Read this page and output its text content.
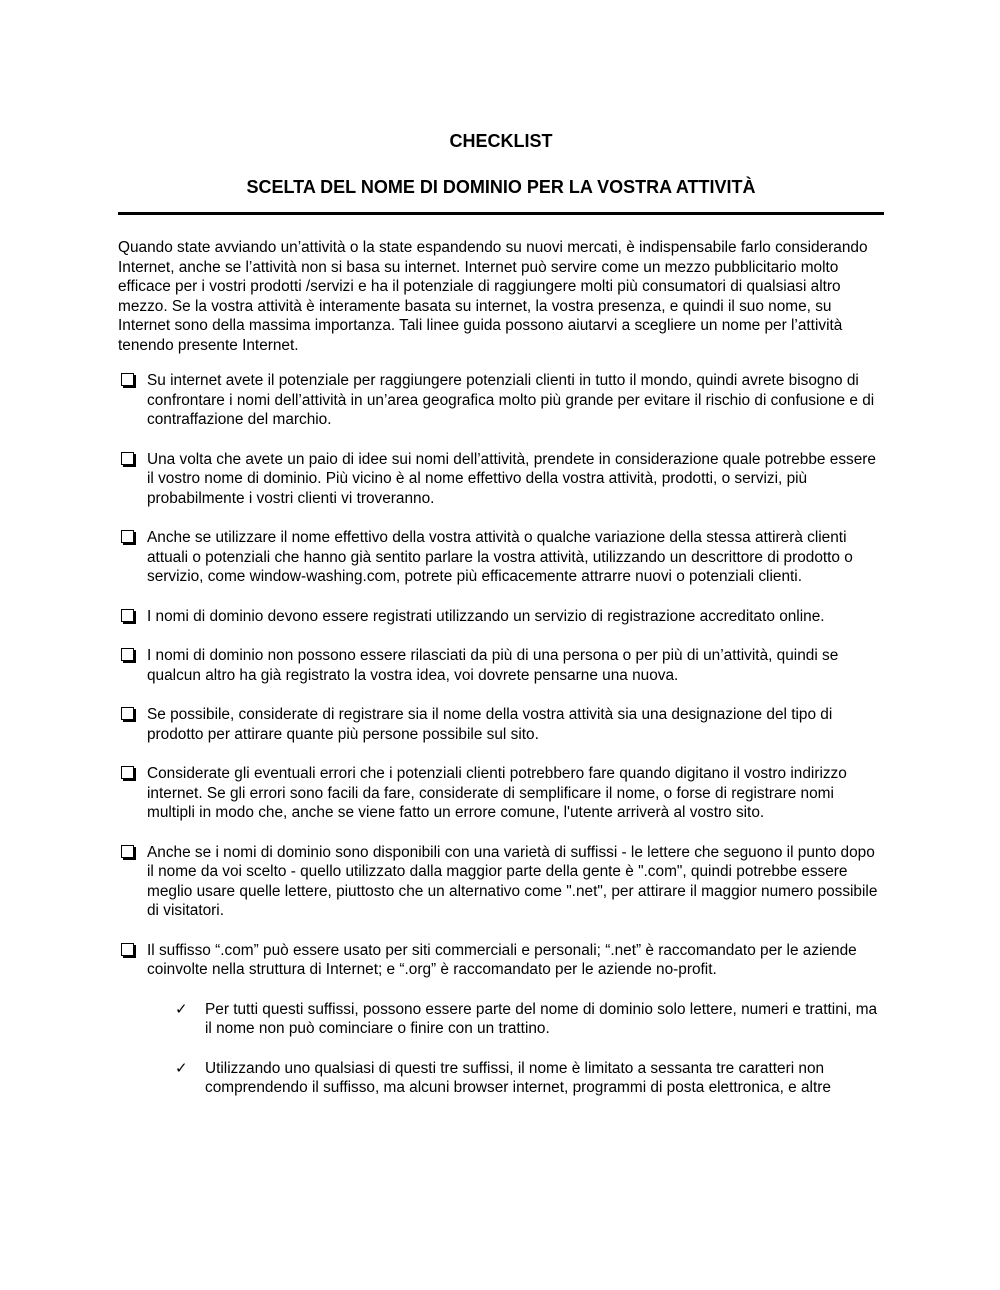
CHECKLIST
SCELTA DEL NOME DI DOMINIO PER LA VOSTRA ATTIVITÀ

Quando state avviando un’attività o la state espandendo su nuovi mercati, è indispensabile farlo considerando Internet, anche se l’attività non si basa su internet. Internet può servire come un mezzo pubblicitario molto efficace per i vostri prodotti /servizi e ha il potenziale di raggiungere molti più consumatori di qualsiasi altro mezzo. Se la vostra attività è interamente basata su internet, la vostra presenza, e quindi il suo nome, su Internet sono della massima importanza. Tali linee guida possono aiutarvi a scegliere un nome per l’attività tenendo presente Internet.

Su internet avete il potenziale per raggiungere potenziali clienti in tutto il mondo, quindi avrete bisogno di confrontare i nomi dell’attività in un’area geografica molto più grande per evitare il rischio di confusione e di contraffazione del marchio.
Una volta che avete un paio di idee sui nomi dell’attività, prendete in considerazione quale potrebbe essere il vostro nome di dominio. Più vicino è al nome effettivo della vostra attività, prodotti, o servizi, più probabilmente i vostri clienti vi troveranno.
Anche se utilizzare il nome effettivo della vostra attività o qualche variazione della stessa attirerà clienti attuali o potenziali che hanno già sentito parlare la vostra attività, utilizzando un descrittore di prodotto o servizio, come window-washing.com, potrete più efficacemente attrarre nuovi o potenziali clienti.
I nomi di dominio devono essere registrati utilizzando un servizio di registrazione accreditato online.
I nomi di dominio non possono essere rilasciati da più di una persona o per più di un’attività, quindi se qualcun altro ha già registrato la vostra idea, voi dovrete pensarne una nuova.
Se possibile, considerate di registrare sia il nome della vostra attività sia una designazione del tipo di prodotto per attirare quante più persone possibile sul sito.
Considerate gli eventuali errori che i potenziali clienti potrebbero fare quando digitano il vostro indirizzo internet. Se gli errori sono facili da fare, considerate di semplificare il nome, o forse di registrare nomi multipli in modo che, anche se viene fatto un errore comune, l'utente arriverà al vostro sito.
Anche se i nomi di dominio sono disponibili con una varietà di suffissi - le lettere che seguono il punto dopo il nome da voi scelto - quello utilizzato dalla maggior parte della gente è ".com", quindi potrebbe essere meglio usare quelle lettere, piuttosto che un alternativo come ".net", per attirare il maggior numero possibile di visitatori.
Il suffisso “.com” può essere usato per siti commerciali e personali; “.net” è raccomandato per le aziende coinvolte nella struttura di Internet; e “.org” è raccomandato per le aziende no-profit.
✓ Per tutti questi suffissi, possono essere parte del nome di dominio solo lettere, numeri e trattini, ma il nome non può cominciare o finire con un trattino.
✓ Utilizzando uno qualsiasi di questi tre suffissi, il nome è limitato a sessanta tre caratteri non comprendendo il suffisso, ma alcuni browser internet, programmi di posta elettronica, e altre
